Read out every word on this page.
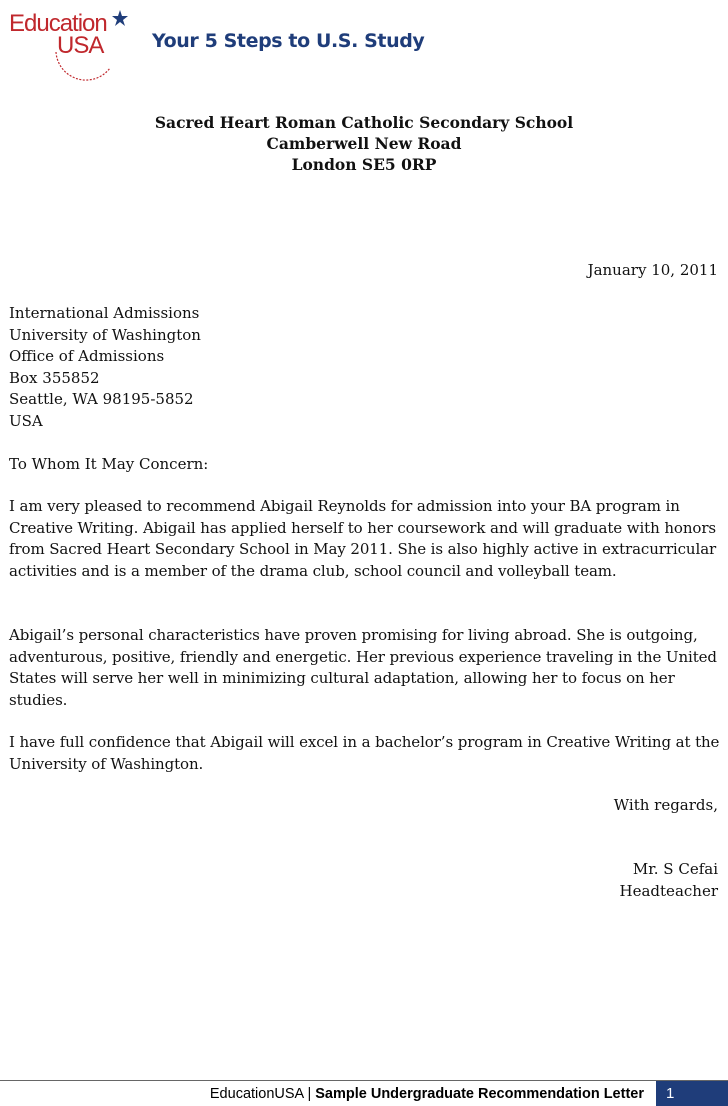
Education
USA	Your 5 Steps to U.S. Study
Sacred Heart Roman Catholic Secondary School
Camberwell New Road
London SE5 0RP
January 10, 2011
International Admissions
University of Washington
Office of Admissions
Box 355852
Seattle, WA 98195-5852
USA
To Whom It May Concern:
I am very pleased to recommend Abigail Reynolds for admission into your BA program in Creative Writing. Abigail has applied herself to her coursework and will graduate with honors from Sacred Heart Secondary School in May 2011. She is also highly active in extracurricular activities and is a member of the drama club, school council and volleyball team.
Abigail’s personal characteristics have proven promising for living abroad. She is outgoing, adventurous, positive, friendly and energetic. Her previous experience traveling in the United States will serve her well in minimizing cultural adaptation, allowing her to focus on her studies.
I have full confidence that Abigail will excel in a bachelor’s program in Creative Writing at the University of Washington.
With regards,
Mr. S Cefai
Headteacher
EducationUSA | Sample Undergraduate Recommendation Letter	1
